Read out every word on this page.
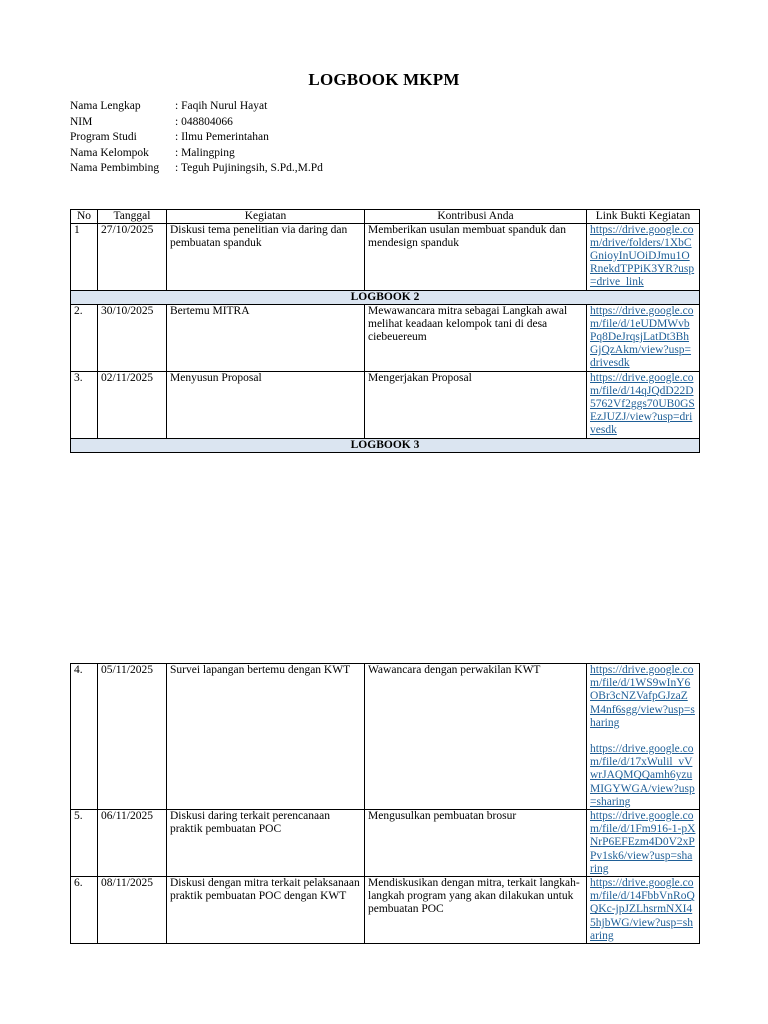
LOGBOOK MKPM
Nama Lengkap	: Faqih Nurul Hayat
NIM	: 048804066
Program Studi	: Ilmu Pemerintahan
Nama Kelompok : Malingping
Nama Pembimbing : Teguh Pujiningsih, S.Pd.,M.Pd
No	Tanggal	Kegiatan	Kontribusi Anda	Link Bukti Kegiatan
1	27/10/2025	Diskusi tema penelitian via daring dan pembuatan spanduk	Memberikan usulan membuat spanduk dan mendesign spanduk	https://drive.google.com/drive/folders/1XbCGnioyInUOiDJmu1ORnekdTPPiK3YR?usp=drive_link

LOGBOOK 2				
2.	30/10/2025	Bertemu MITRA	Mewawancara mitra sebagai Langkah awal melihat keadaan kelompok tani di desa ciebeuereum	https://drive.google.com/file/d/1eUDMWvbPq8DeJrqsjLatDt3BhGjQzAkm/view?usp=drivesdk

3.	02/11/2025	Menyusun Proposal	Mengerjakan Proposal	https://drive.google.com/file/d/14qJQdD22D5762Vf2ggs70UB0GSEzJUZJ/view?usp=drivesdk

LOGBOOK 3				
4.	05/11/2025	Survei lapangan bertemu dengan KWT	Wawancara dengan perwakilan KWT	https://drive.google.com/file/d/1WS9wInY6OBr3cNZVafpGJzaZM4nf6sgg/view?usp=sharing
https://drive.google.com/file/d/17xWulil_vVwrJAQMQQamh6yzuMIGYWGA/view?usp=sharing

5.	06/11/2025	Diskusi daring terkait perencanaan praktik pembuatan POC	Mengusulkan pembuatan brosur	https://drive.google.com/file/d/1Fm916-1-pXNrP6EFEzm4D0V2xPPv1sk6/view?usp=sharing

6.	08/11/2025	Diskusi dengan mitra terkait pelaksanaan praktik pembuatan POC dengan KWT	Mendiskusikan dengan mitra, terkait langkah-langkah program yang akan dilakukan untuk pembuatan POC	https://drive.google.com/file/d/14FbbVnRoQQKc-jpJZLhsrmNXI45hjbWG/view?usp=sharing
